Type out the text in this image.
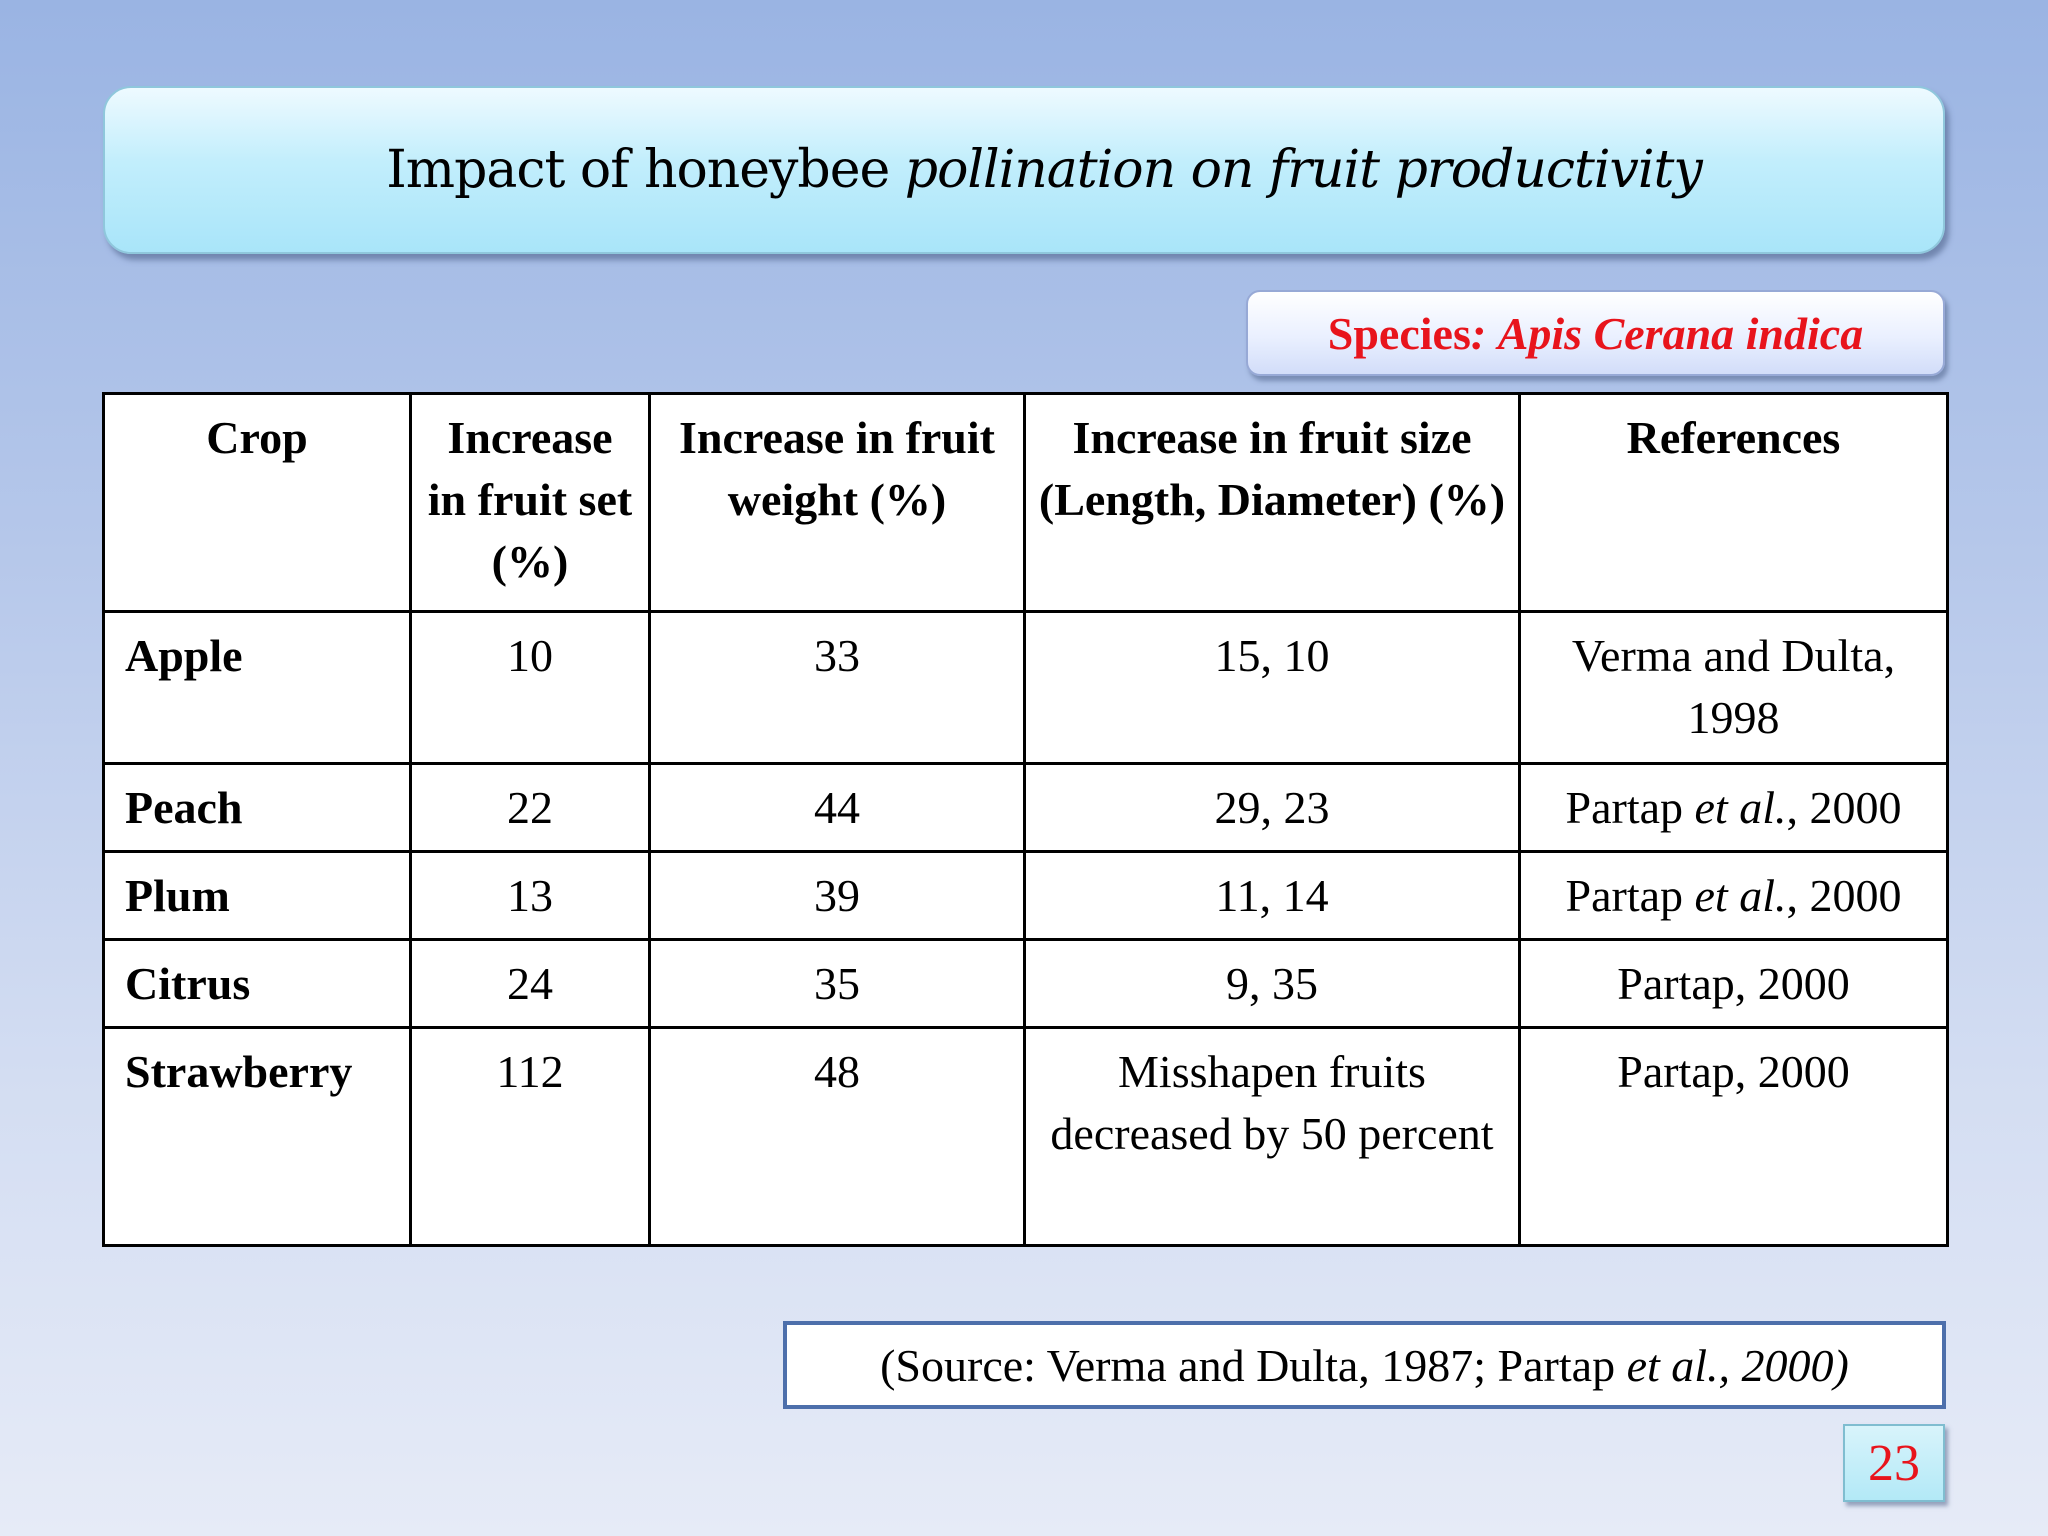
Impact of honeybee pollination on fruit productivity
Species : Apis Cerana indica
Crop	Increase in fruit set (%)	Increase in fruit weight (%)	Increase in fruit size (Length, Diameter) (%)	References
Apple	10	33	15, 10	Verma and Dulta, 1998
Peach	22	44	29, 23	Partap et al., 2000
Plum	13	39	11, 14	Partap et al., 2000
Citrus	24	35	9, 35	Partap, 2000
Strawberry	112	48	Misshapen fruits decreased by 50 percent	Partap, 2000
(Source: Verma and Dulta, 1987; Partap et al., 2000)
23
